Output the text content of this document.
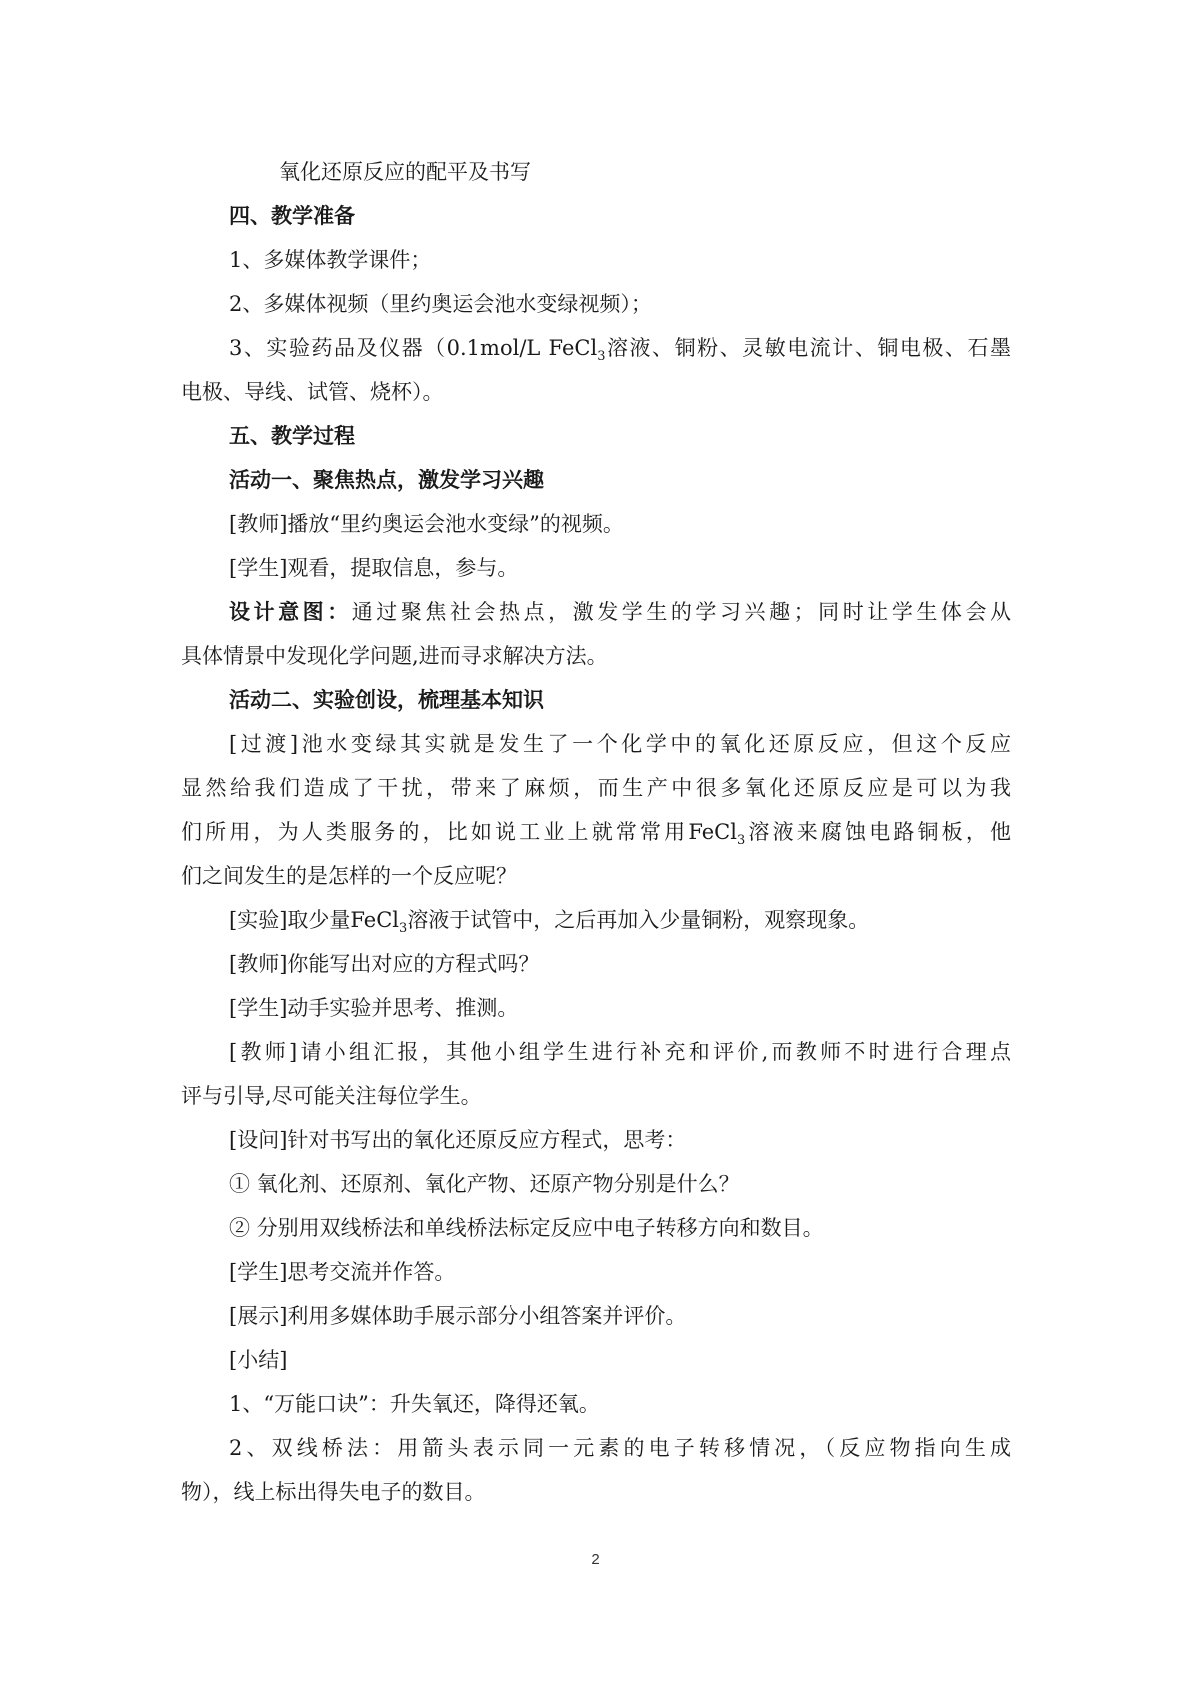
氧化还原反应的配平及书写
四、教学准备
1、多媒体教学课件；
2、多媒体视频（里约奥运会池水变绿视频）；
3、实验药品及仪器（0.1mol/L FeCl$_3$溶液、铜粉、灵敏电流计、铜电极、石墨
电极、导线、试管、烧杯）。
五、教学过程
活动一、聚焦热点，激发学习兴趣
[教师]播放“里约奥运会池水变绿”的视频。
[学生]观看，提取信息，参与。
设计意图：通过聚焦社会热点，激发学生的学习兴趣；同时让学生体会从
具体情景中发现化学问题,进而寻求解决方法。
活动二、实验创设，梳理基本知识
[过渡]池水变绿其实就是发生了一个化学中的氧化还原反应，但这个反应
显然给我们造成了干扰，带来了麻烦，而生产中很多氧化还原反应是可以为我
们所用，为人类服务的，比如说工业上就常常用FeCl$_3$溶液来腐蚀电路铜板，他
们之间发生的是怎样的一个反应呢？
[实验]取少量FeCl$_3$溶液于试管中，之后再加入少量铜粉，观察现象。
[教师]你能写出对应的方程式吗？
[学生]动手实验并思考、推测。
[教师]请小组汇报，其他小组学生进行补充和评价,而教师不时进行合理点
评与引导,尽可能关注每位学生。
[设问]针对书写出的氧化还原反应方程式，思考：
① 氧化剂、还原剂、氧化产物、还原产物分别是什么？
② 分别用双线桥法和单线桥法标定反应中电子转移方向和数目。
[学生]思考交流并作答。
[展示]利用多媒体助手展示部分小组答案并评价。
[小结]
1、“万能口诀”：升失氧还，降得还氧。
2、双线桥法：用箭头表示同一元素的电子转移情况，（反应物指向生成
物），线上标出得失电子的数目。
2
